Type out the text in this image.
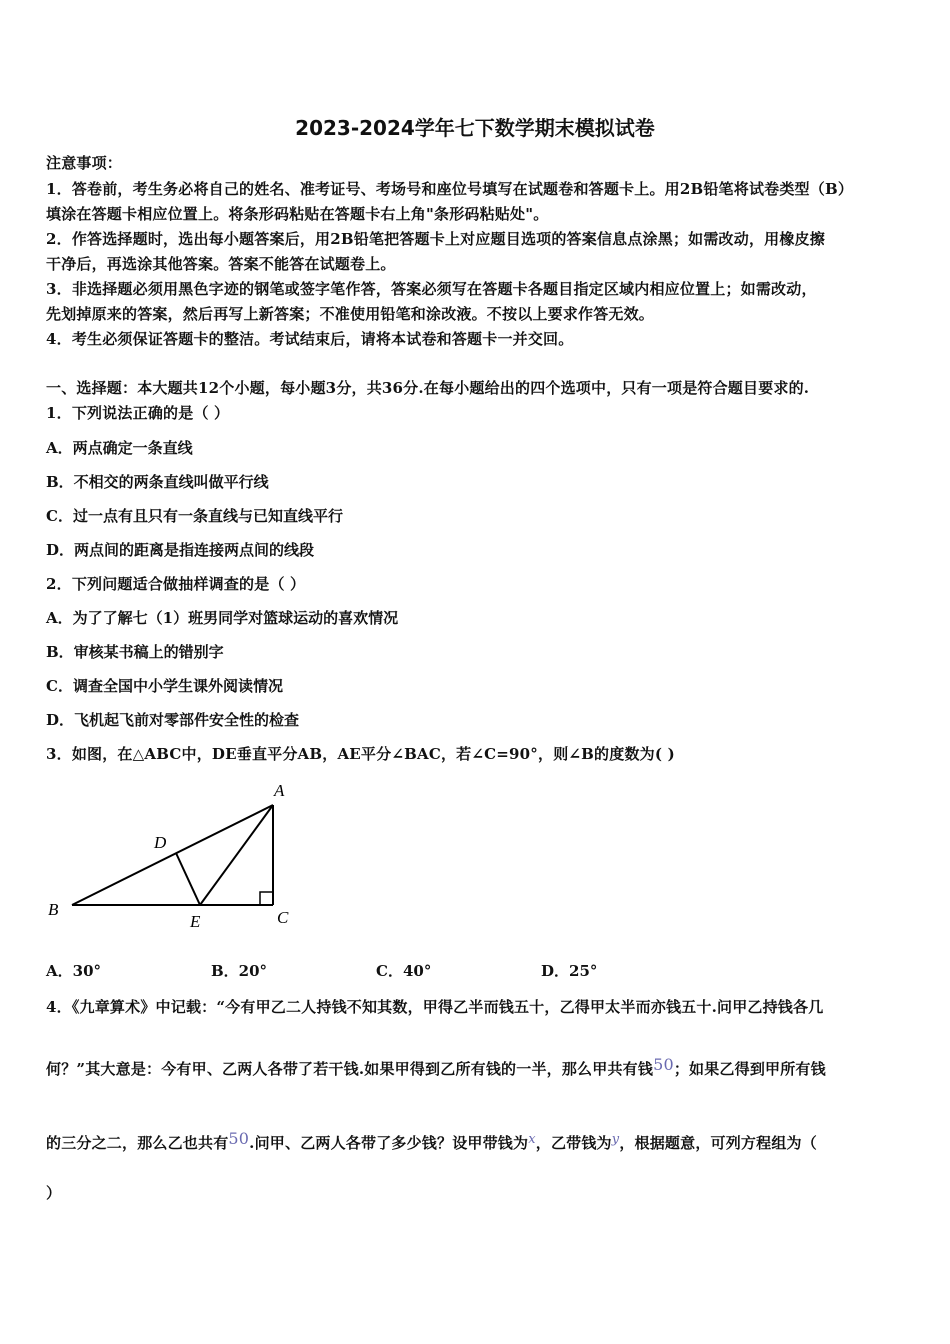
2023-2024学年七下数学期末模拟试卷
注意事项：
1．答卷前，考生务必将自己的姓名、准考证号、考场号和座位号填写在试题卷和答题卡上。用2B铅笔将试卷类型（B）
填涂在答题卡相应位置上。将条形码粘贴在答题卡右上角"条形码粘贴处"。
2．作答选择题时，选出每小题答案后，用2B铅笔把答题卡上对应题目选项的答案信息点涂黑；如需改动，用橡皮擦
干净后，再选涂其他答案。答案不能答在试题卷上。
3．非选择题必须用黑色字迹的钢笔或签字笔作答，答案必须写在答题卡各题目指定区域内相应位置上；如需改动，
先划掉原来的答案，然后再写上新答案；不准使用铅笔和涂改液。不按以上要求作答无效。
4．考生必须保证答题卡的整洁。考试结束后，请将本试卷和答题卡一并交回。
一、选择题：本大题共12个小题，每小题3分，共36分.在每小题给出的四个选项中，只有一项是符合题目要求的.
1．下列说法正确的是（ ）
A．两点确定一条直线
B．不相交的两条直线叫做平行线
C．过一点有且只有一条直线与已知直线平行
D．两点间的距离是指连接两点间的线段
2．下列问题适合做抽样调查的是（ ）
A．为了了解七（1）班男同学对篮球运动的喜欢情况
B．审核某书稿上的错别字
C．调查全国中小学生课外阅读情况
D．飞机起飞前对零部件安全性的检查
3．如图，在△ABC中，DE垂直平分AB，AE平分∠BAC，若∠C=90°，则∠B的度数为( )
A
B	C
D
E
A．30°	B．20°	C．40°	D．25°
4．《九章算术》中记载：“今有甲乙二人持钱不知其数，甲得乙半而钱五十，乙得甲太半而亦钱五十.问甲乙持钱各几
何？”其大意是：今有甲、乙两人各带了若干钱.如果甲得到乙所有钱的一半，那么甲共有钱50；如果乙得到甲所有钱
的三分之二，那么乙也共有50.问甲、乙两人各带了多少钱？设甲带钱为x，乙带钱为y，根据题意，可列方程组为（
）
